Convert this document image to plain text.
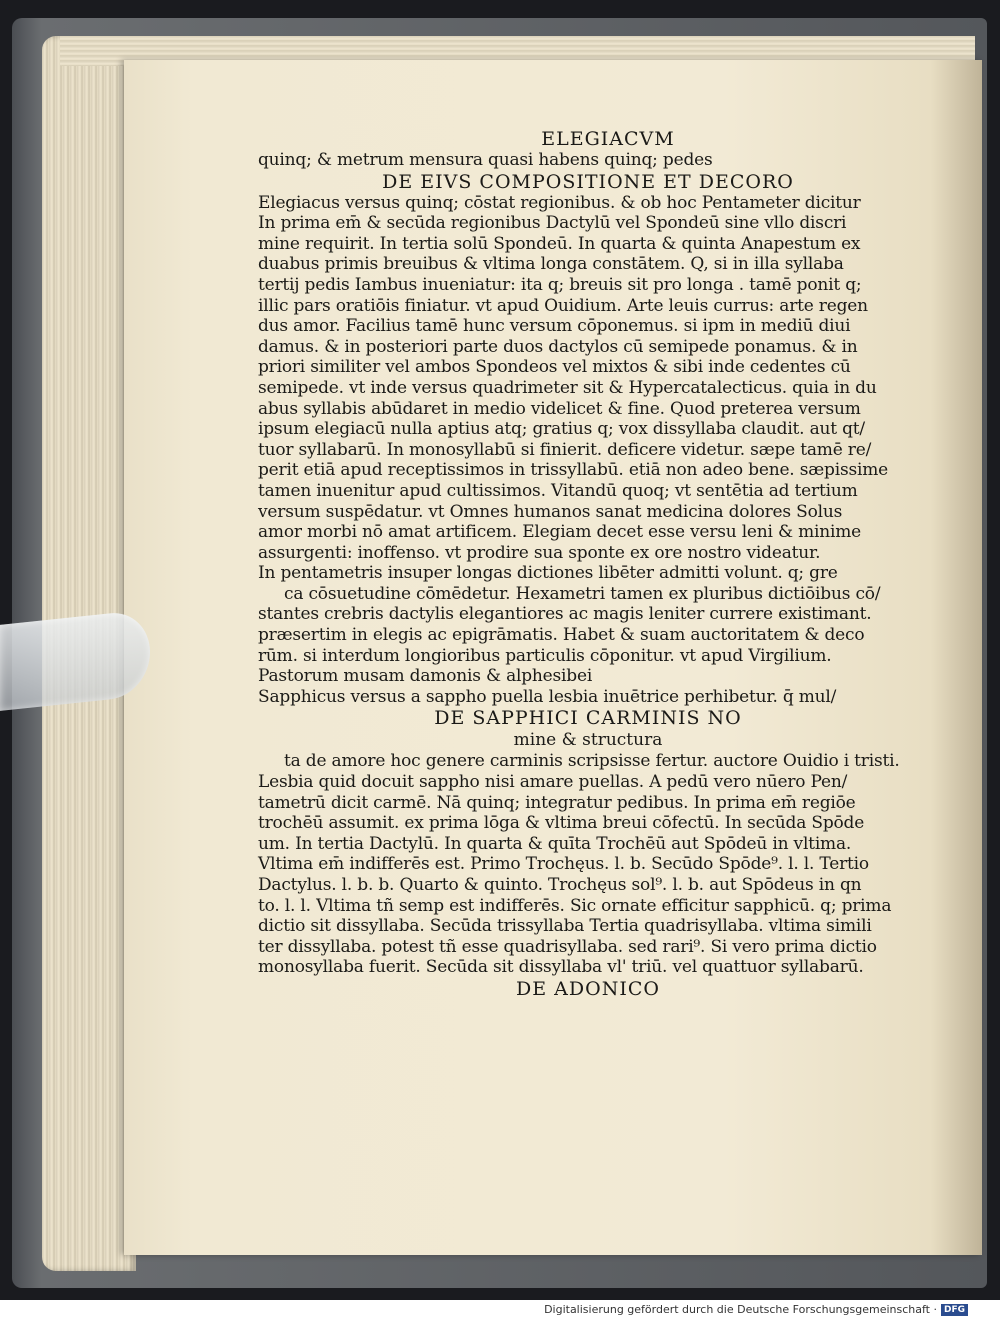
ELEGIACVM
quinq; & metrum mensura quasi habens quinq; pedes
DE EIVS COMPOSITIONE ET DECORO
Elegiacus versus quinq; cōstat regionibus. & ob hoc Pentameter dicitur
In prima em̄ & secūda regionibus Dactylū vel Spondeū sine vllo discri
mine requirit. In tertia solū Spondeū. In quarta & quinta Anapestum ex
duabus primis breuibus & vltima longa constātem. Q, si in illa syllaba
tertij pedis Iambus inueniatur: ita q; breuis sit pro longa . tamē ponit q;
illic pars oratiōis finiatur. vt apud Ouidium. Arte leuis currus: arte regen
dus amor. Facilius tamē hunc versum cōponemus. si ipm in mediū diui
damus. & in posteriori parte duos dactylos cū semipede ponamus. & in
priori similiter vel ambos Spondeos vel mixtos & sibi inde cedentes cū
semipede. vt inde versus quadrimeter sit & Hypercatalecticus. quia in du
abus syllabis abūdaret in medio videlicet & fine. Quod preterea versum
ipsum elegiacū nulla aptius atq; gratius q; vox dissyllaba claudit. aut qt/
tuor syllabarū. In monosyllabū si finierit. deficere videtur. sæpe tamē re/
perit etiā apud receptissimos in trissyllabū. etiā non adeo bene. sæpissime
tamen inuenitur apud cultissimos. Vitandū quoq; vt sentētia ad tertium
versum suspēdatur. vt Omnes humanos sanat medicina dolores Solus
amor morbi nō amat artificem. Elegiam decet esse versu leni & minime
assurgenti: inoffenso. vt prodire sua sponte ex ore nostro videatur.
In pentametris insuper longas dictiones libēter admitti volunt. q; gre
ca cōsuetudine cōmēdetur. Hexametri tamen ex pluribus dictiōibus cō/
stantes crebris dactylis elegantiores ac magis leniter currere existimant.
præsertim in elegis ac epigrāmatis. Habet & suam auctoritatem & deco
rūm. si interdum longioribus particulis cōponitur. vt apud Virgilium.
Pastorum musam damonis & alphesibei
Sapphicus versus a sappho puella lesbia inuētrice perhibetur. q̄ mul/
DE SAPPHICI CARMINIS NO
mine & structura
ta de amore hoc genere carminis scripsisse fertur. auctore Ouidio i tristi.
Lesbia quid docuit sappho nisi amare puellas. A pedū vero nūero Pen/
tametrū dicit carmē. Nā quinq; integratur pedibus. In prima em̄ regiōe
trochēū assumit. ex prima lōga & vltima breui cōfectū. In secūda Spōde
um. In tertia Dactylū. In quarta & quīta Trochēū aut Spōdeū in vltima.
Vltima em̄ indifferēs est. Primo Trochęus. l. b. Secūdo Spōde⁹. l. l. Tertio
Dactylus. l. b. b. Quarto & quinto. Trochęus sol⁹. l. b. aut Spōdeus in qn
to. l. l. Vltima tñ semp est indifferēs. Sic ornate efficitur sapphicū. q; prima
dictio sit dissyllaba. Secūda trissyllaba Tertia quadrisyllaba. vltima simili
ter dissyllaba. potest tñ esse quadrisyllaba. sed rari⁹. Si vero prima dictio
monosyllaba fuerit. Secūda sit dissyllaba vl' triū. vel quattuor syllabarū.
DE ADONICO
Digitalisierung gefördert durch die Deutsche Forschungsgemeinschaft · DFG
